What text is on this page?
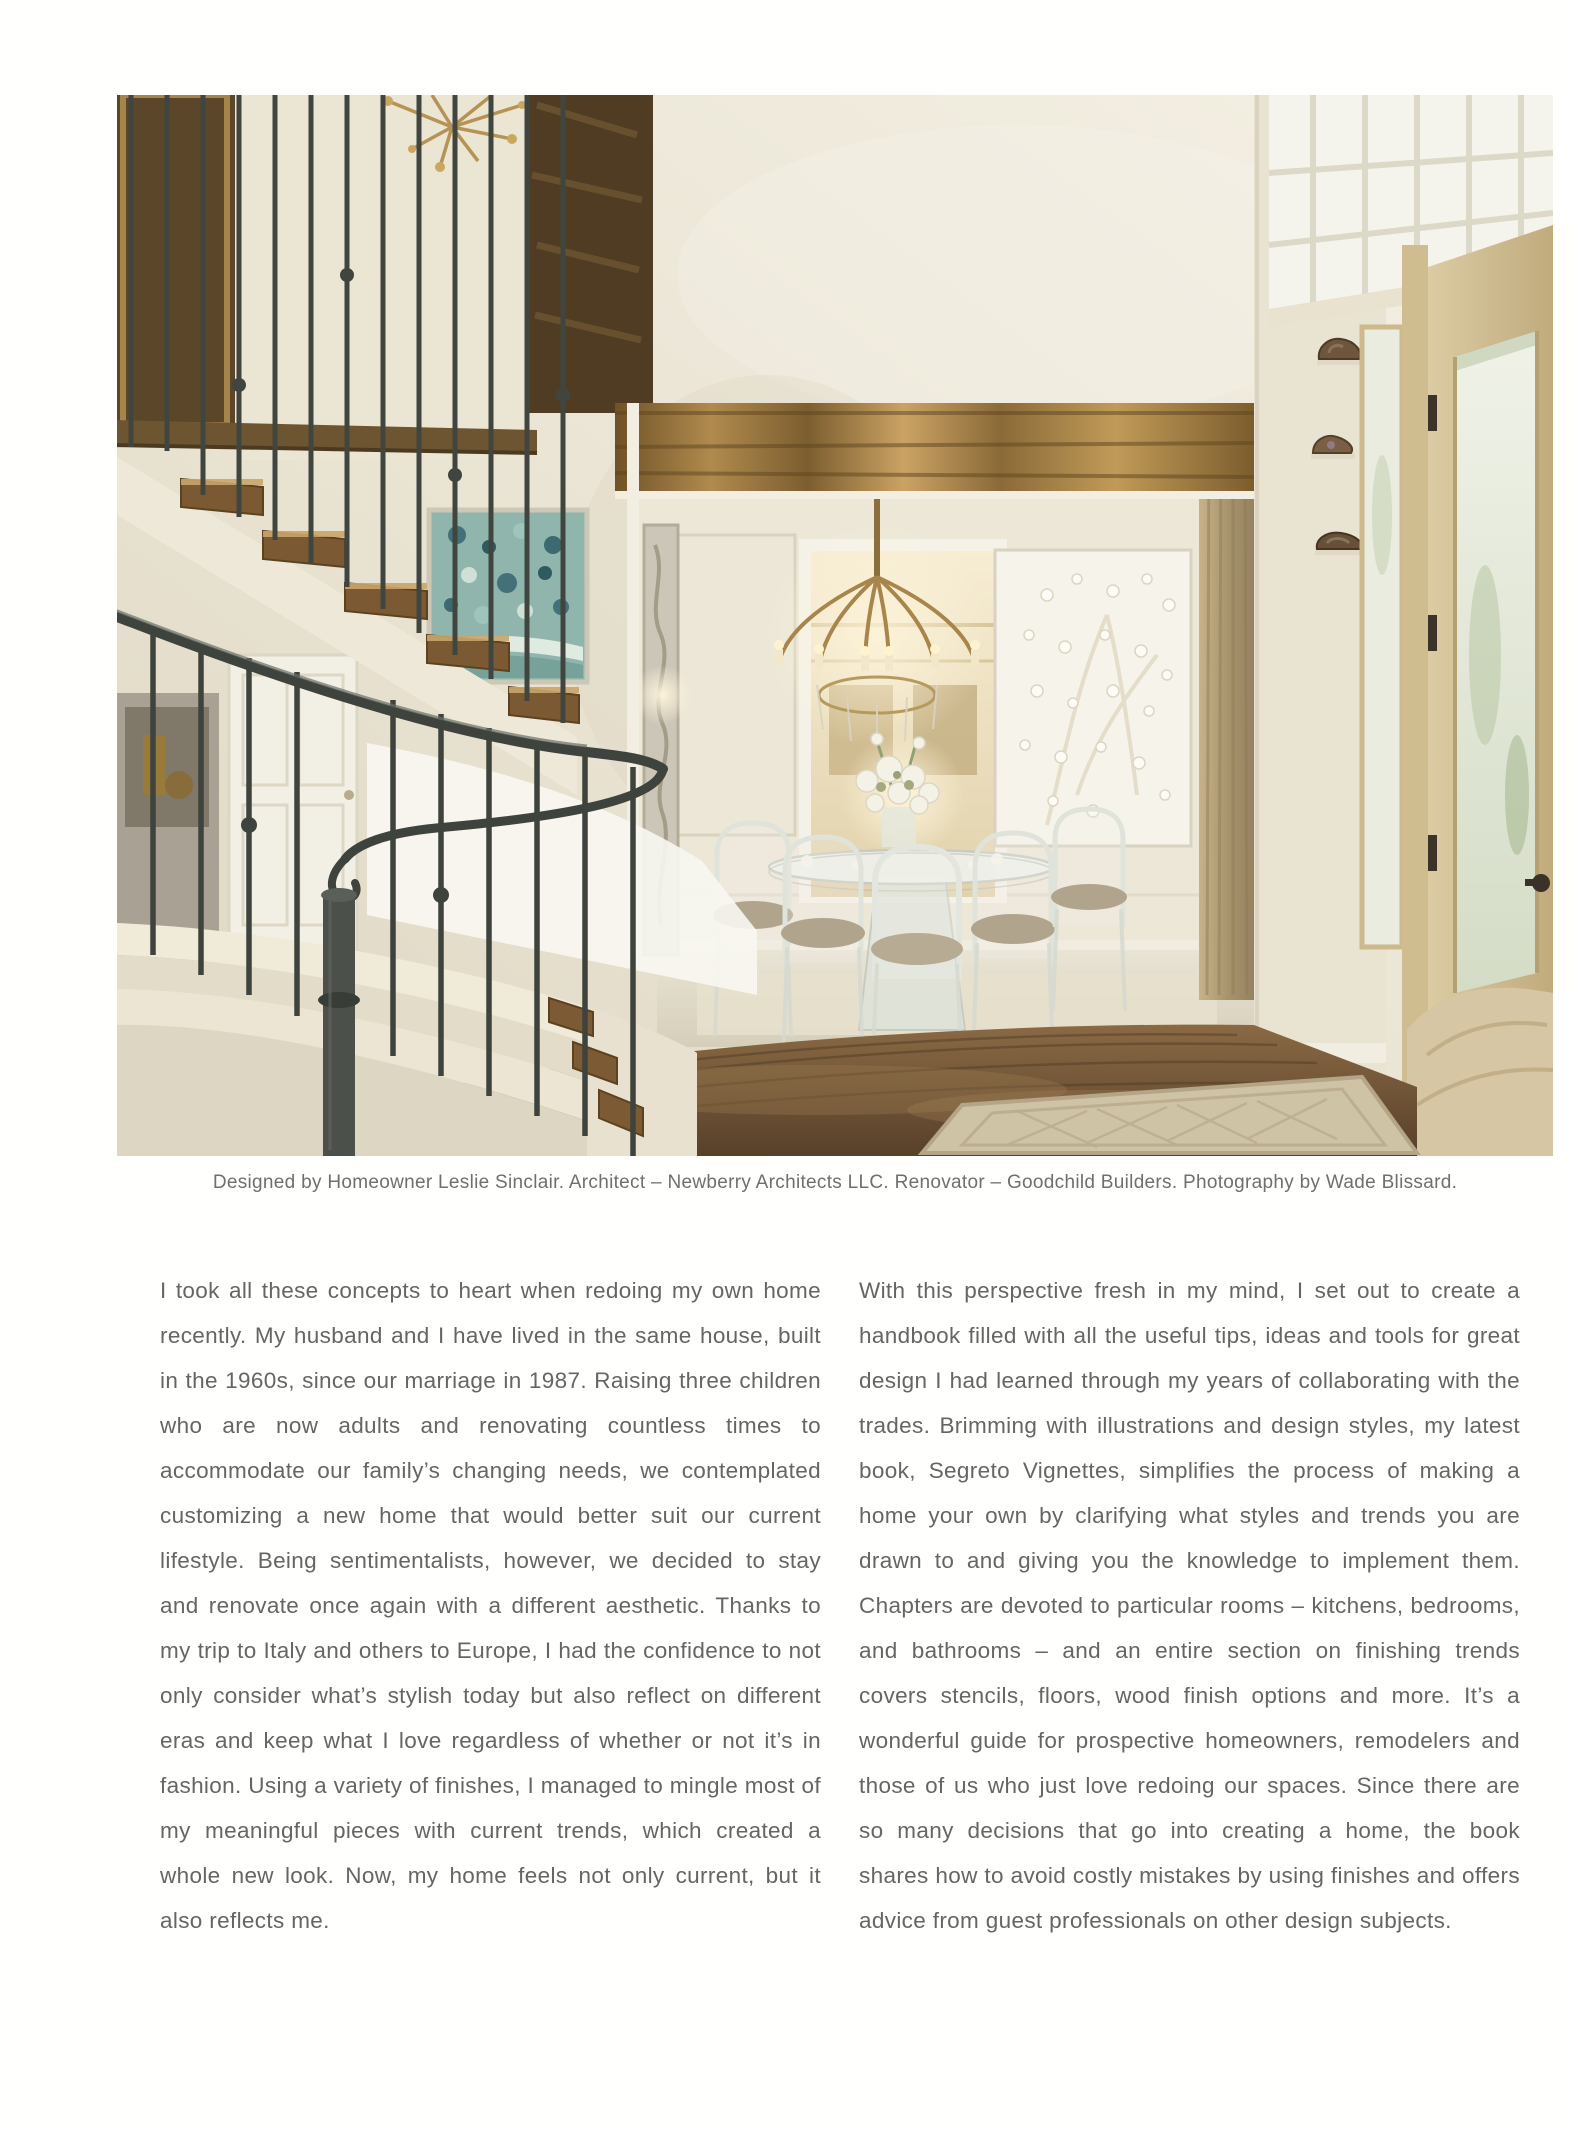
Designed by Homeowner Leslie Sinclair. Architect – Newberry Architects LLC. Renovator – Goodchild Builders. Photography by Wade Blissard.

I took all these concepts to heart when redoing my own home recently. My husband and I have lived in the same house, built in the 1960s, since our marriage in 1987. Raising three children who are now adults and renovating countless times to accommodate our family’s changing needs, we contemplated customizing a new home that would better suit our current lifestyle. Being sentimentalists, however, we decided to stay and renovate once again with a different aesthetic. Thanks to my trip to Italy and others to Europe, I had the confidence to not only consider what’s stylish today but also reflect on different eras and keep what I love regardless of whether or not it’s in fashion. Using a variety of finishes, I managed to mingle most of my meaningful pieces with current trends, which created a whole new look. Now, my home feels not only current, but it also reflects me.

With this perspective fresh in my mind, I set out to create a handbook filled with all the useful tips, ideas and tools for great design I had learned through my years of collaborating with the trades. Brimming with illustrations and design styles, my latest book, Segreto Vignettes, simplifies the process of making a home your own by clarifying what styles and trends you are drawn to and giving you the knowledge to implement them. Chapters are devoted to particular rooms – kitchens, bedrooms, and bathrooms – and an entire section on finishing trends covers stencils, floors, wood finish options and more. It’s a wonderful guide for prospective homeowners, remodelers and those of us who just love redoing our spaces. Since there are so many decisions that go into creating a home, the book shares how to avoid costly mistakes by using finishes and offers advice from guest professionals on other design subjects.
